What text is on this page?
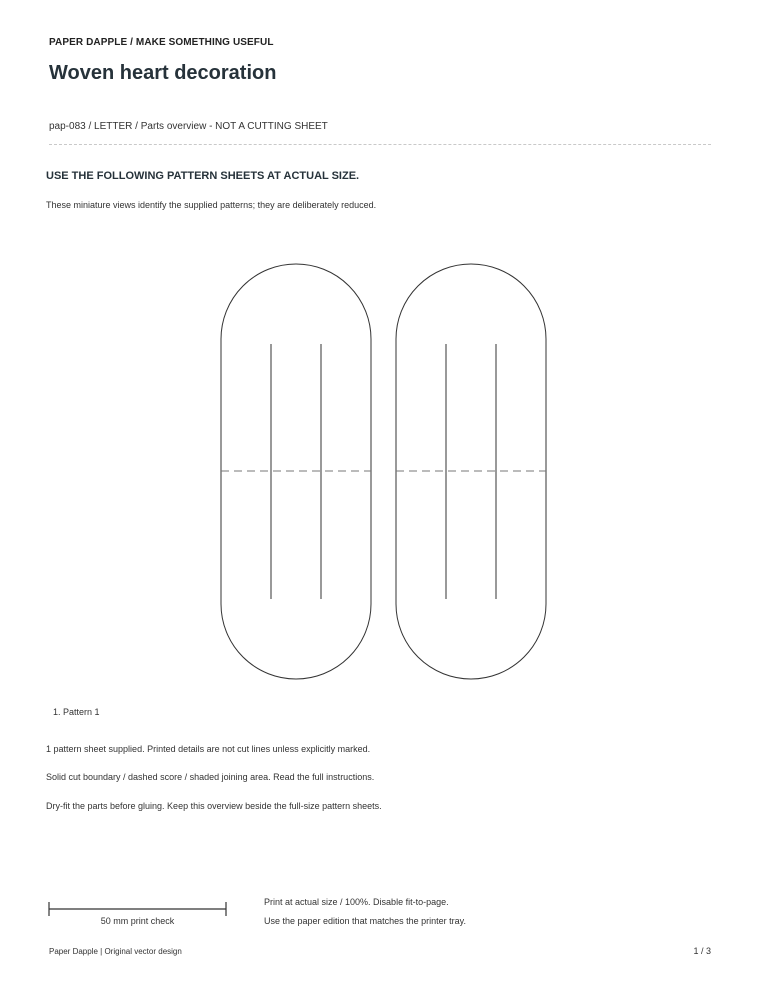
PAPER DAPPLE / MAKE SOMETHING USEFUL
Woven heart decoration
pap-083 / LETTER / Parts overview - NOT A CUTTING SHEET
USE THE FOLLOWING PATTERN SHEETS AT ACTUAL SIZE.
These miniature views identify the supplied patterns; they are deliberately reduced.
1. Pattern 1
1 pattern sheet supplied. Printed details are not cut lines unless explicitly marked.
Solid cut boundary / dashed score / shaded joining area. Read the full instructions.
Dry-fit the parts before gluing. Keep this overview beside the full-size pattern sheets.
50 mm print check
Print at actual size / 100%. Disable fit-to-page.
Use the paper edition that matches the printer tray.
Paper Dapple | Original vector design	1 / 3
